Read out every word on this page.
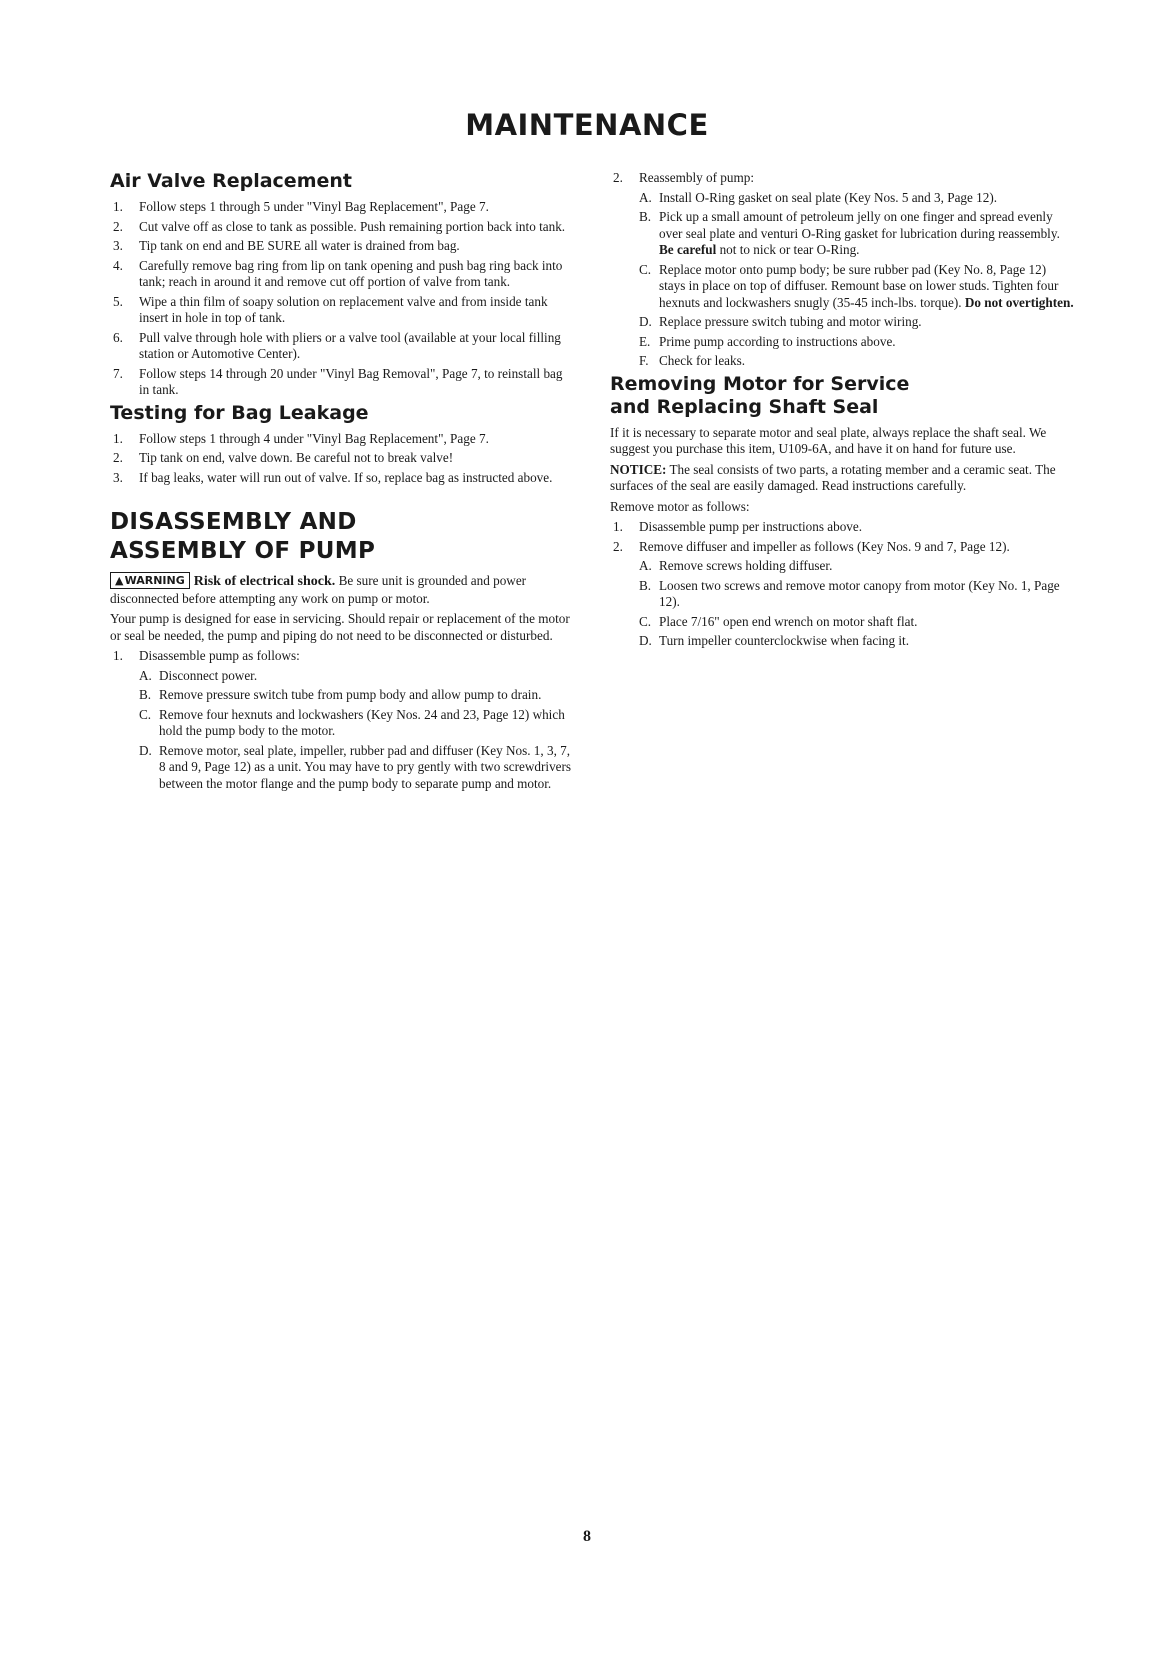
MAINTENANCE
Air Valve Replacement
1. Follow steps 1 through 5 under "Vinyl Bag Replacement", Page 7.
2. Cut valve off as close to tank as possible. Push remaining portion back into tank.
3. Tip tank on end and BE SURE all water is drained from bag.
4. Carefully remove bag ring from lip on tank opening and push bag ring back into tank; reach in around it and remove cut off portion of valve from tank.
5. Wipe a thin film of soapy solution on replacement valve and from inside tank insert in hole in top of tank.
6. Pull valve through hole with pliers or a valve tool (available at your local filling station or Automotive Center).
7. Follow steps 14 through 20 under "Vinyl Bag Removal", Page 7, to reinstall bag in tank.
Testing for Bag Leakage
1. Follow steps 1 through 4 under "Vinyl Bag Replacement", Page 7.
2. Tip tank on end, valve down. Be careful not to break valve!
3. If bag leaks, water will run out of valve. If so, replace bag as instructed above.
DISASSEMBLY AND
ASSEMBLY OF PUMP

▲ WARNING Risk of electrical shock. Be sure unit is grounded and power disconnected before attempting any work on pump or motor.

Your pump is designed for ease in servicing. Should repair or replacement of the motor or seal be needed, the pump and piping do not need to be disconnected or disturbed.

1. Disassemble pump as follows:
A. Disconnect power.
B. Remove pressure switch tube from pump body and allow pump to drain.
C. Remove four hexnuts and lockwashers (Key Nos. 24 and 23, Page 12) which hold the pump body to the motor.
D. Remove motor, seal plate, impeller, rubber pad and diffuser (Key Nos. 1, 3, 7, 8 and 9, Page 12) as a unit. You may have to pry gently with two screwdrivers between the motor flange and the pump body to separate pump and motor.
2. Reassembly of pump:
A. Install O-Ring gasket on seal plate (Key Nos. 5 and 3, Page 12).
B. Pick up a small amount of petroleum jelly on one finger and spread evenly over seal plate and venturi O-Ring gasket for lubrication during reassembly. Be careful not to nick or tear O-Ring.
C. Replace motor onto pump body; be sure rubber pad (Key No. 8, Page 12) stays in place on top of diffuser. Remount base on lower studs. Tighten four hexnuts and lockwashers snugly (35-45 inch-lbs. torque). Do not overtighten.
D. Replace pressure switch tubing and motor wiring.
E. Prime pump according to instructions above.
F. Check for leaks.
Removing Motor for Service
and Replacing Shaft Seal

If it is necessary to separate motor and seal plate, always replace the shaft seal. We suggest you purchase this item, U109-6A, and have it on hand for future use.

NOTICE: The seal consists of two parts, a rotating member and a ceramic seat. The surfaces of the seal are easily damaged. Read instructions carefully.

Remove motor as follows:

1. Disassemble pump per instructions above.
2. Remove diffuser and impeller as follows (Key Nos. 9 and 7, Page 12).
A. Remove screws holding diffuser.
B. Loosen two screws and remove motor canopy from motor (Key No. 1, Page 12).
C. Place 7/16" open end wrench on motor shaft flat.
D. Turn impeller counterclockwise when facing it.
8
